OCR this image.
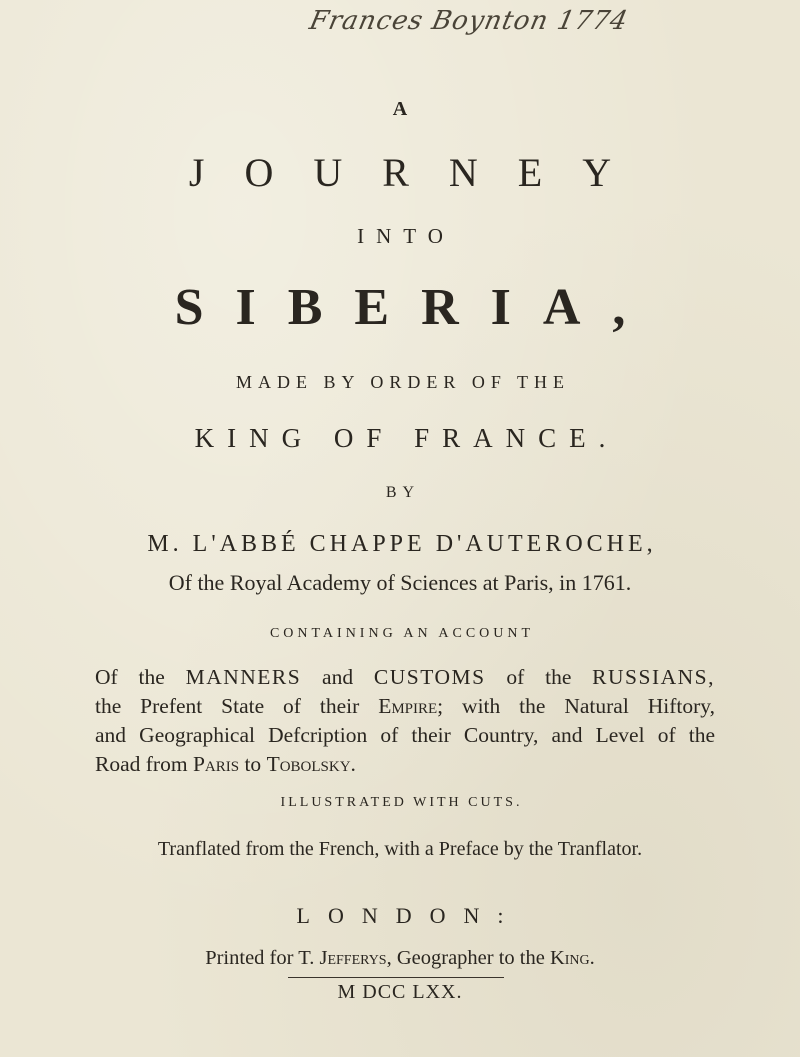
Frances Boynton 1774
A
JOURNEY
INTO
SIBERIA,
MADE BY ORDER OF THE
KING OF FRANCE.
BY
M. L'ABBÉ CHAPPE D'AUTEROCHE,
Of the Royal Academy of Sciences at Paris, in 1761.
CONTAINING AN ACCOUNT

Of the MANNERS and CUSTOMS of the RUSSIANS,

the Prefent State of their Empire; with the Natural Hiftory,

and Geographical Defcription of their Country, and Level of the

Road from Paris to Tobolsky.

ILLUSTRATED WITH CUTS.
Tranflated from the French, with a Preface by the Tranflator.
LONDON:
Printed for T. Jefferys, Geographer to the King.
M DCC LXX.
